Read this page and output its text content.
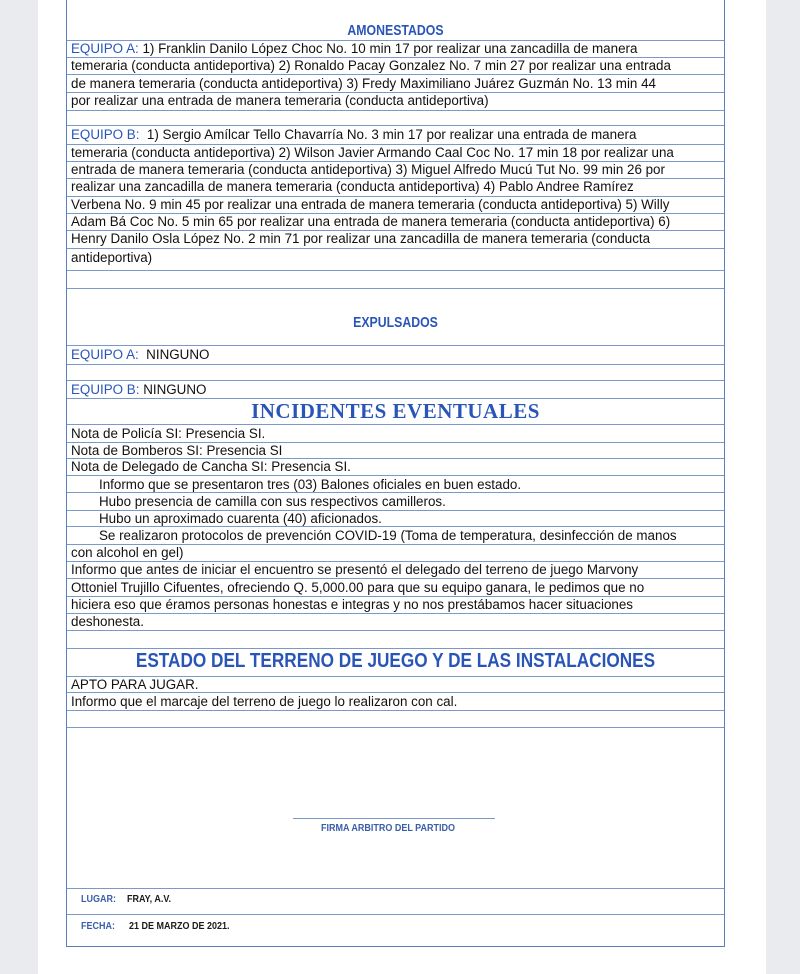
AMONESTADOS
EQUIPO A: 1) Franklin Danilo López Choc No. 10 min 17 por realizar una zancadilla de manera
temeraria (conducta antideportiva) 2) Ronaldo Pacay Gonzalez No. 7 min 27 por realizar una entrada
de manera temeraria (conducta antideportiva) 3) Fredy Maximiliano Juárez Guzmán No. 13 min 44
por realizar una entrada de manera temeraria (conducta antideportiva)
EQUIPO B: 1) Sergio Amílcar Tello Chavarría No. 3 min 17 por realizar una entrada de manera
temeraria (conducta antideportiva) 2) Wilson Javier Armando Caal Coc No. 17 min 18 por realizar una
entrada de manera temeraria (conducta antideportiva) 3) Miguel Alfredo Mucú Tut No. 99 min 26 por
realizar una zancadilla de manera temeraria (conducta antideportiva) 4) Pablo Andree Ramírez
Verbena No. 9 min 45 por realizar una entrada de manera temeraria (conducta antideportiva) 5) Willy
Adam Bá Coc No. 5 min 65 por realizar una entrada de manera temeraria (conducta antideportiva) 6)
Henry Danilo Osla López No. 2 min 71 por realizar una zancadilla de manera temeraria (conducta
antideportiva)
EXPULSADOS
EQUIPO A: NINGUNO
EQUIPO B: NINGUNO
INCIDENTES EVENTUALES
Nota de Policía SI: Presencia SI.
Nota de Bomberos SI: Presencia SI
Nota de Delegado de Cancha SI: Presencia SI.
Informo que se presentaron tres (03) Balones oficiales en buen estado.
Hubo presencia de camilla con sus respectivos camilleros.
Hubo un aproximado cuarenta (40) aficionados.
Se realizaron protocolos de prevención COVID-19 (Toma de temperatura, desinfección de manos
con alcohol en gel)
Informo que antes de iniciar el encuentro se presentó el delegado del terreno de juego Marvony
Ottoniel Trujillo Cifuentes, ofreciendo Q. 5,000.00 para que su equipo ganara, le pedimos que no
hiciera eso que éramos personas honestas e integras y no nos prestábamos hacer situaciones
deshonesta.
ESTADO DEL TERRENO DE JUEGO Y DE LAS INSTALACIONES
APTO PARA JUGAR.
Informo que el marcaje del terreno de juego lo realizaron con cal.
FIRMA ARBITRO DEL PARTIDO
LUGAR: FRAY, A.V.
FECHA: 21 DE MARZO DE 2021.
